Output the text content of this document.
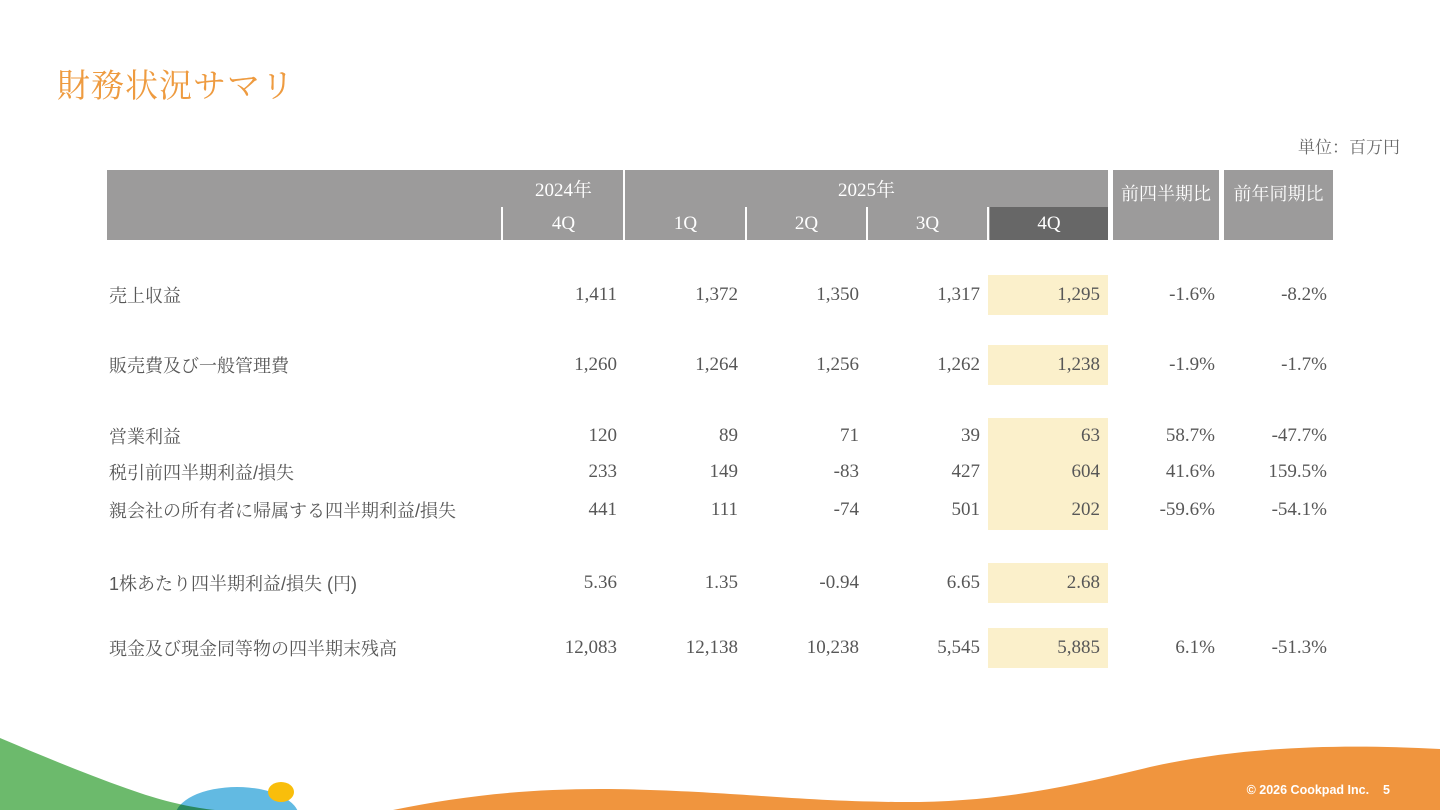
財務状況サマリ
単位：百万円
2024年	2025年
4Q	1Q	2Q	3Q	4Q
前四半期比	前年同期比
売上収益	1,411	1,372	1,350	1,317	1,295	-1.6%	-8.2%
販売費及び一般管理費	1,260	1,264	1,256	1,262	1,238	-1.9%	-1.7%
営業利益	120	89	71	39	63	58.7%	-47.7%
税引前四半期利益/損失	233	149	-83	427	604	41.6%	159.5%
親会社の所有者に帰属する四半期利益/損失	441	111	-74	501	202	-59.6%	-54.1%
1株あたり四半期利益/損失 (円)	5.36	1.35	-0.94	6.65	2.68
現金及び現金同等物の四半期末残高	12,083	12,138	10,238	5,545	5,885	6.1%	-51.3%
© 2026 Cookpad Inc. 5
